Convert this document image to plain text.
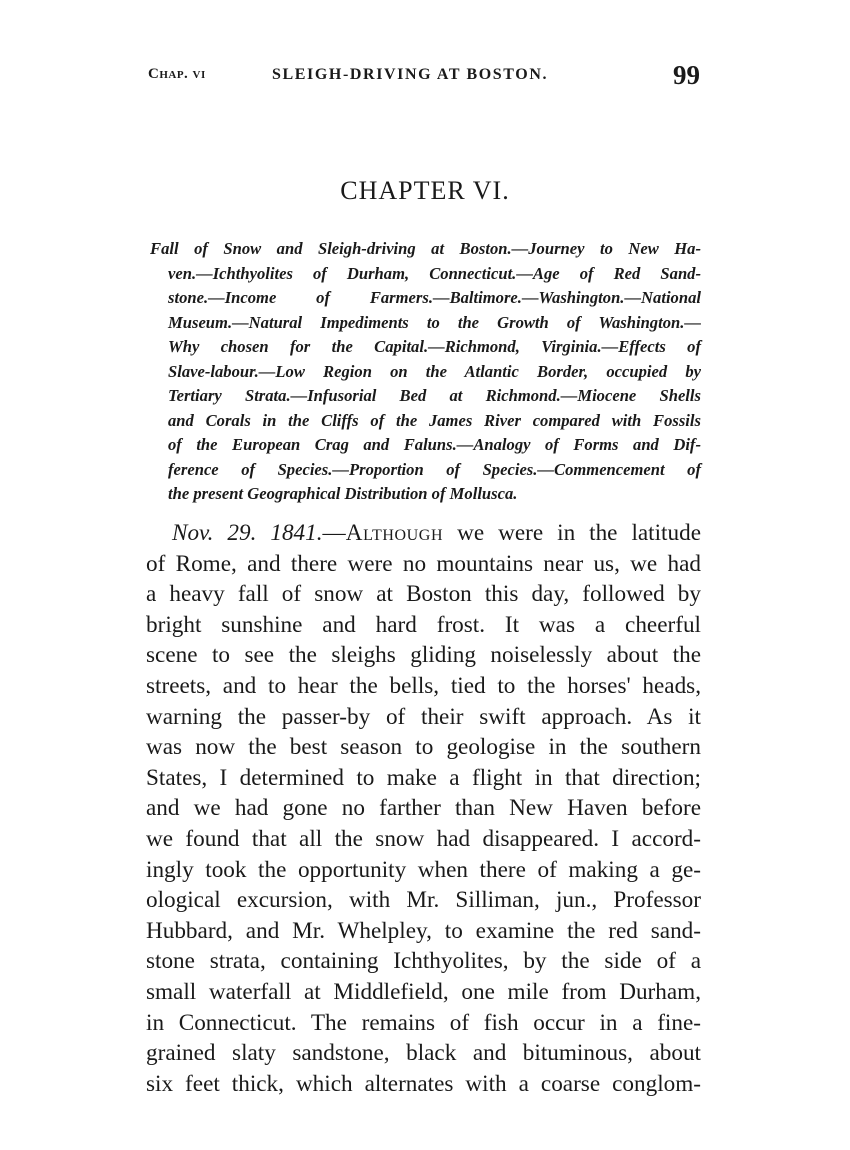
Chap. vi	SLEIGH-DRIVING AT BOSTON.	99
CHAPTER VI.
Fall of Snow and Sleigh-driving at Boston.—Journey to New Ha-
ven.—Ichthyolites of Durham, Connecticut.—Age of Red Sand-
stone.—Income of Farmers.—Baltimore.—Washington.—National
Museum.—Natural Impediments to the Growth of Washington.—
Why chosen for the Capital.—Richmond, Virginia.—Effects of
Slave-labour.—Low Region on the Atlantic Border, occupied by
Tertiary Strata.—Infusorial Bed at Richmond.—Miocene Shells
and Corals in the Cliffs of the James River compared with Fossils
of the European Crag and Faluns.—Analogy of Forms and Dif-
ference of Species.—Proportion of Species.—Commencement of
the present Geographical Distribution of Mollusca.
Nov. 29. 1841.—Although we were in the latitude
of Rome, and there were no mountains near us, we had
a heavy fall of snow at Boston this day, followed by
bright sunshine and hard frost. It was a cheerful
scene to see the sleighs gliding noiselessly about the
streets, and to hear the bells, tied to the horses' heads,
warning the passer-by of their swift approach. As it
was now the best season to geologise in the southern
States, I determined to make a flight in that direction;
and we had gone no farther than New Haven before
we found that all the snow had disappeared. I accord-
ingly took the opportunity when there of making a ge-
ological excursion, with Mr. Silliman, jun., Professor
Hubbard, and Mr. Whelpley, to examine the red sand-
stone strata, containing Ichthyolites, by the side of a
small waterfall at Middlefield, one mile from Durham,
in Connecticut. The remains of fish occur in a fine-
grained slaty sandstone, black and bituminous, about
six feet thick, which alternates with a coarse conglom-
